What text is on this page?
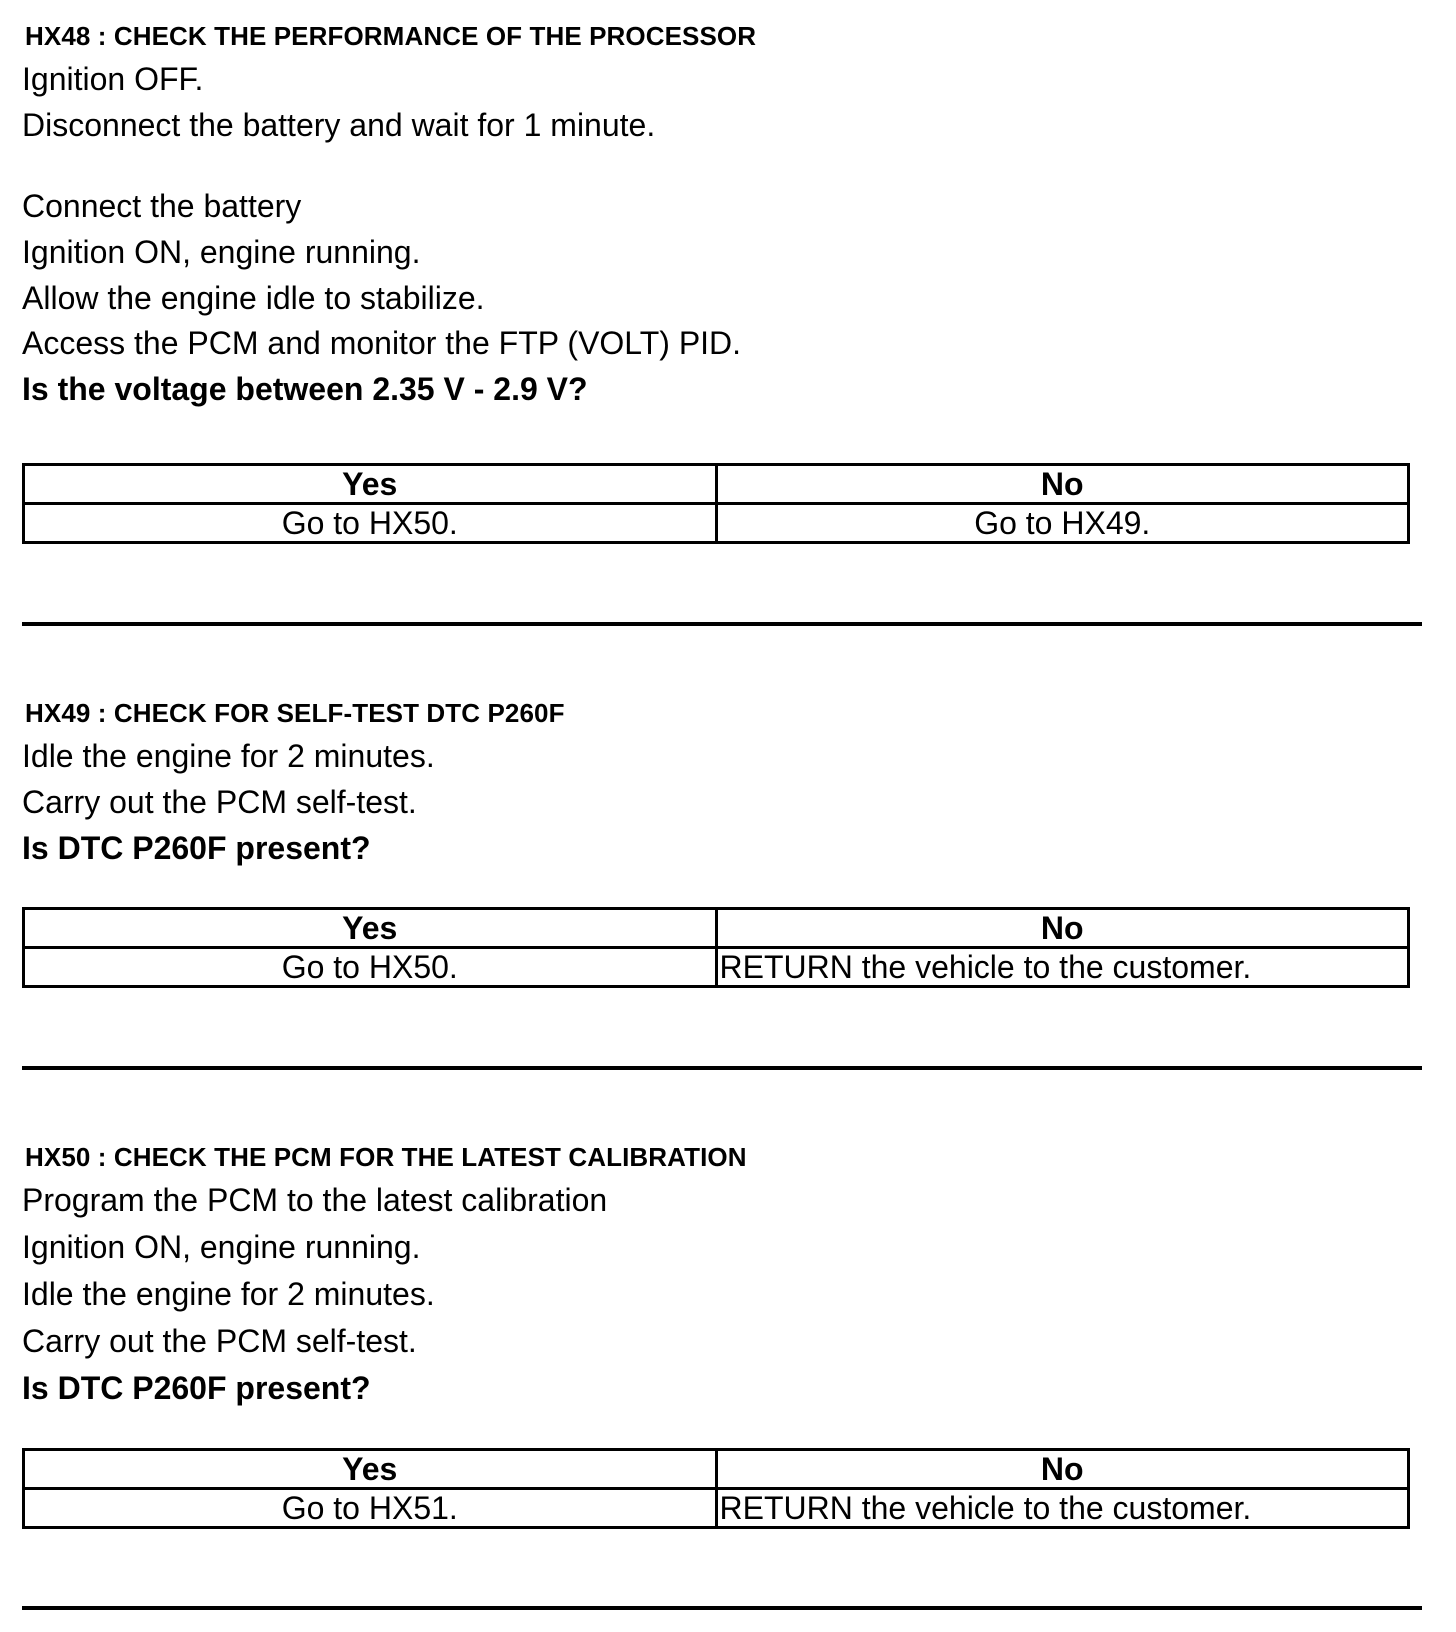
HX48 : CHECK THE PERFORMANCE OF THE PROCESSOR
Ignition OFF.
Disconnect the battery and wait for 1 minute.
Connect the battery
Ignition ON, engine running.
Allow the engine idle to stabilize.
Access the PCM and monitor the FTP (VOLT) PID.
Is the voltage between 2.35 V - 2.9 V?
Yes	No
Go to HX50.	Go to HX49.
HX49 : CHECK FOR SELF-TEST DTC P260F
Idle the engine for 2 minutes.
Carry out the PCM self-test.
Is DTC P260F present?
Yes	No
Go to HX50.	RETURN the vehicle to the customer.
HX50 : CHECK THE PCM FOR THE LATEST CALIBRATION
Program the PCM to the latest calibration
Ignition ON, engine running.
Idle the engine for 2 minutes.
Carry out the PCM self-test.
Is DTC P260F present?
Yes	No
Go to HX51.	RETURN the vehicle to the customer.
